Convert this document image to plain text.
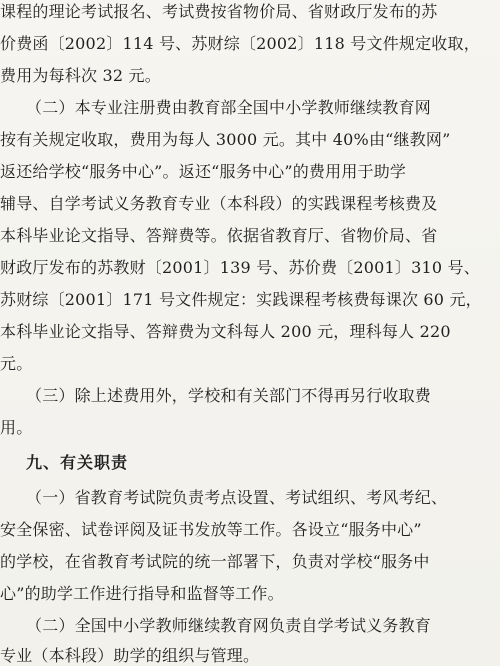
课程的理论考试报名、考试费按省物价局、省财政厅发布的苏
价费函〔2002〕114 号、苏财综〔2002〕118 号文件规定收取，
费用为每科次 32 元。
（二）本专业注册费由教育部全国中小学教师继续教育网
按有关规定收取，费用为每人 3000 元。其中 40%由“继教网”
返还给学校“服务中心”。返还“服务中心”的费用用于助学
辅导、自学考试义务教育专业（本科段）的实践课程考核费及
本科毕业论文指导、答辩费等。依据省教育厅、省物价局、省
财政厅发布的苏教财〔2001〕139 号、苏价费〔2001〕310 号、
苏财综〔2001〕171 号文件规定：实践课程考核费每课次 60 元，
本科毕业论文指导、答辩费为文科每人 200 元，理科每人 220
元。
（三）除上述费用外，学校和有关部门不得再另行收取费
用。
九、有关职责
（一）省教育考试院负责考点设置、考试组织、考风考纪、
安全保密、试卷评阅及证书发放等工作。各设立“服务中心”
的学校，在省教育考试院的统一部署下，负责对学校“服务中
心”的助学工作进行指导和监督等工作。
（二）全国中小学教师继续教育网负责自学考试义务教育
专业（本科段）助学的组织与管理。
